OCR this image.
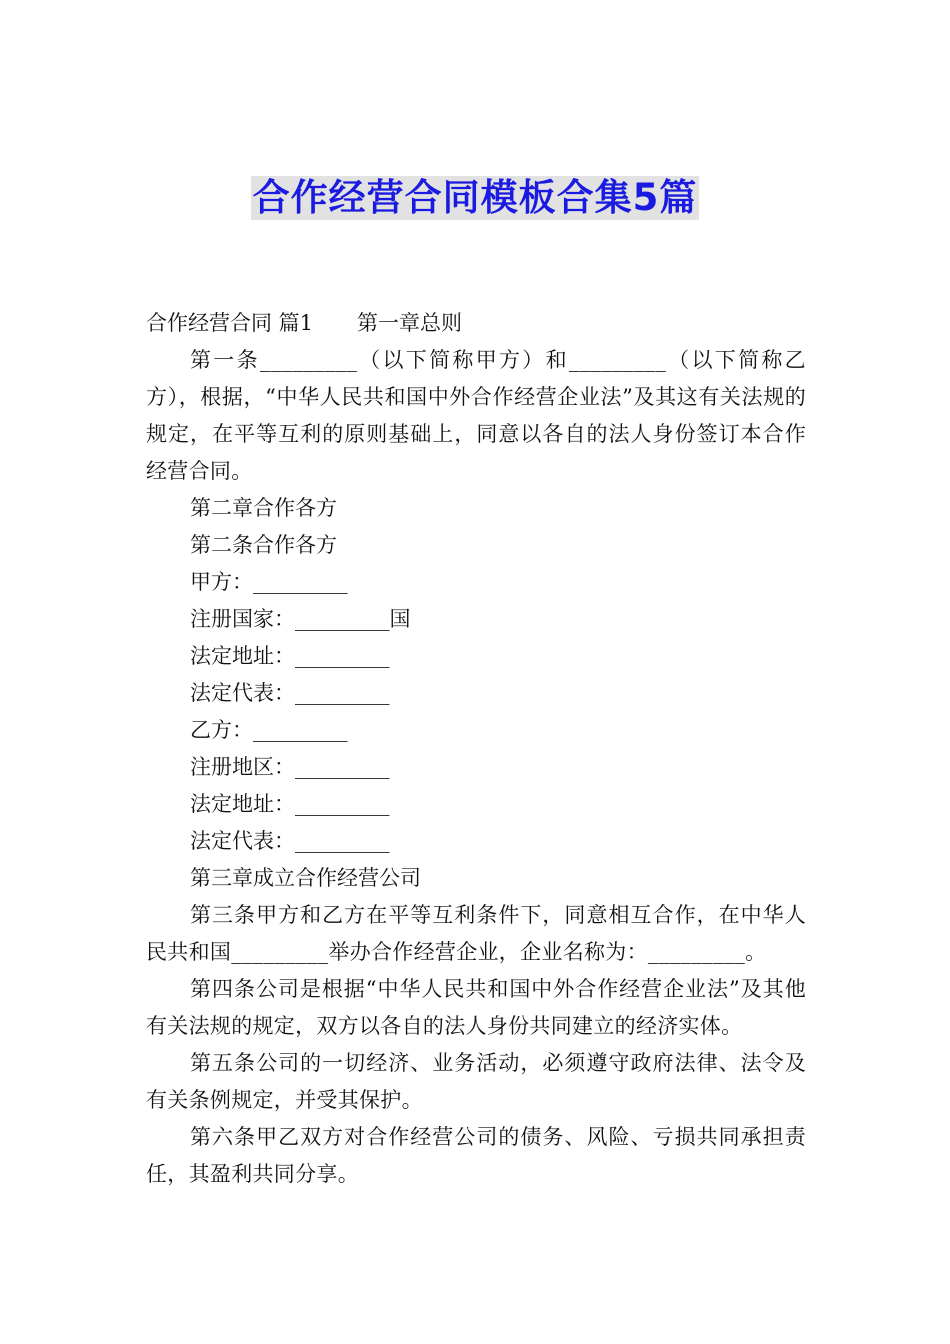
合作经营合同模板合集5篇

合作经营合同 篇1 第一章总则

第一条_________（以下简称甲方）和_________（以下简称乙方），根据，“中华人民共和国中外合作经营企业法”及其这有关法规的规定，在平等互利的原则基础上，同意以各自的法人身份签订本合作经营合同。

第二章合作各方

第二条合作各方

甲方：_________

注册国家：_________国

法定地址：_________

法定代表：_________

乙方：_________

注册地区：_________

法定地址：_________

法定代表：_________

第三章成立合作经营公司

第三条甲方和乙方在平等互利条件下，同意相互合作，在中华人民共和国_________举办合作经营企业，企业名称为：_________。

第四条公司是根据“中华人民共和国中外合作经营企业法”及其他有关法规的规定，双方以各自的法人身份共同建立的经济实体。

第五条公司的一切经济、业务活动，必须遵守政府法律、法令及有关条例规定，并受其保护。

第六条甲乙双方对合作经营公司的债务、风险、亏损共同承担责任，其盈利共同分享。
